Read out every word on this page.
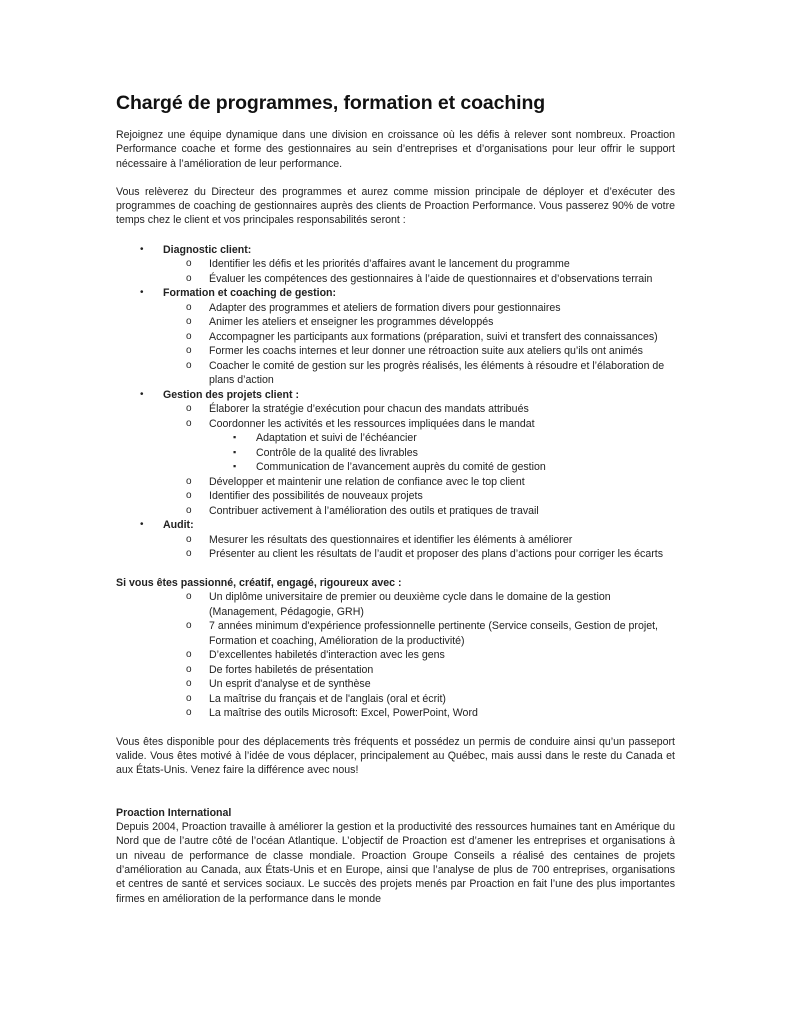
Chargé de programmes, formation et coaching

Rejoignez une équipe dynamique dans une division en croissance où les défis à relever sont nombreux. Proaction Performance coache et forme des gestionnaires au sein d’entreprises et d’organisations pour leur offrir le support nécessaire à l’amélioration de leur performance.

Vous relèverez du Directeur des programmes et aurez comme mission principale de déployer et d’exécuter des programmes de coaching de gestionnaires auprès des clients de Proaction Performance. Vous passerez 90% de votre temps chez le client et vos principales responsabilités seront :

• Diagnostic client:
o Identifier les défis et les priorités d’affaires avant le lancement du programme
o Évaluer les compétences des gestionnaires à l’aide de questionnaires et d’observations terrain
• Formation et coaching de gestion:
o Adapter des programmes et ateliers de formation divers pour gestionnaires
o Animer les ateliers et enseigner les programmes développés
o Accompagner les participants aux formations (préparation, suivi et transfert des connaissances)
o Former les coachs internes et leur donner une rétroaction suite aux ateliers qu’ils ont animés
o Coacher le comité de gestion sur les progrès réalisés, les éléments à résoudre et l’élaboration de plans d’action
• Gestion des projets client :
o Élaborer la stratégie d’exécution pour chacun des mandats attribués
o Coordonner les activités et les ressources impliquées dans le mandat
▪ Adaptation et suivi de l’échéancier
▪ Contrôle de la qualité des livrables
▪ Communication de l’avancement auprès du comité de gestion
o Développer et maintenir une relation de confiance avec le top client
o Identifier des possibilités de nouveaux projets
o Contribuer activement à l’amélioration des outils et pratiques de travail
• Audit:
o Mesurer les résultats des questionnaires et identifier les éléments à améliorer
o Présenter au client les résultats de l’audit et proposer des plans d’actions pour corriger les écarts
Si vous êtes passionné, créatif, engagé, rigoureux avec :
o Un diplôme universitaire de premier ou deuxième cycle dans le domaine de la gestion (Management, Pédagogie, GRH)
o 7 années minimum d'expérience professionnelle pertinente (Service conseils, Gestion de projet, Formation et coaching, Amélioration de la productivité)
o D’excellentes habiletés d'interaction avec les gens
o De fortes habiletés de présentation
o Un esprit d'analyse et de synthèse
o La maîtrise du français et de l'anglais (oral et écrit)
o La maîtrise des outils Microsoft: Excel, PowerPoint, Word

Vous êtes disponible pour des déplacements très fréquents et possédez un permis de conduire ainsi qu’un passeport valide. Vous êtes motivé à l’idée de vous déplacer, principalement au Québec, mais aussi dans le reste du Canada et aux États-Unis. Venez faire la différence avec nous!

Proaction International

Depuis 2004, Proaction travaille à améliorer la gestion et la productivité des ressources humaines tant en Amérique du Nord que de l’autre côté de l’océan Atlantique. L’objectif de Proaction est d’amener les entreprises et organisations à un niveau de performance de classe mondiale. Proaction Groupe Conseils a réalisé des centaines de projets d’amélioration au Canada, aux États-Unis et en Europe, ainsi que l’analyse de plus de 700 entreprises, organisations et centres de santé et services sociaux. Le succès des projets menés par Proaction en fait l’une des plus importantes firmes en amélioration de la performance dans le monde
